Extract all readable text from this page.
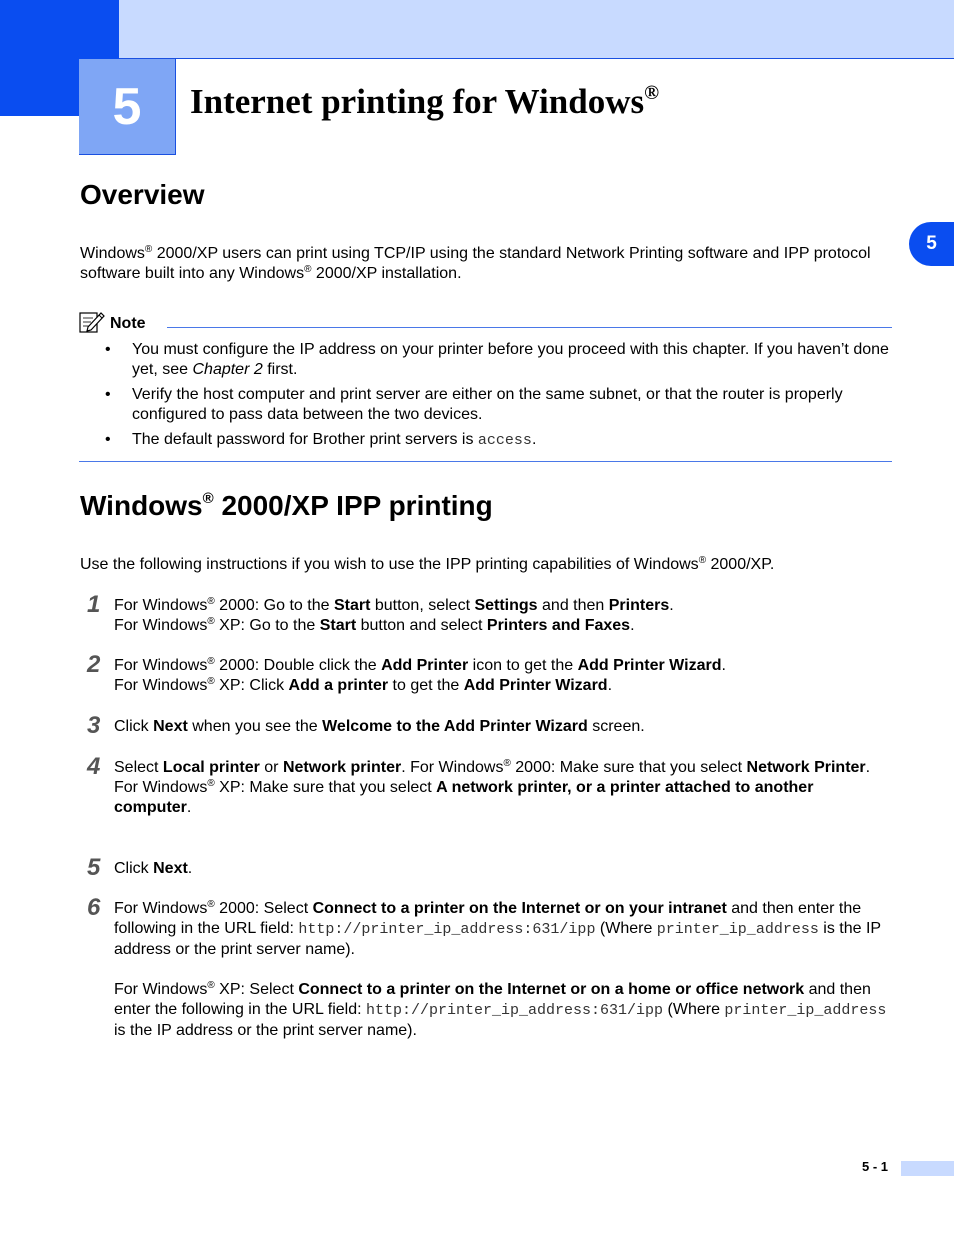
5 Internet printing for Windows®
5
Overview

Windows® 2000/XP users can print using TCP/IP using the standard Network Printing software and IPP protocol software built into any Windows® 2000/XP installation.

Note
• You must configure the IP address on your printer before you proceed with this chapter. If you haven’t done yet, see Chapter 2 first.
• Verify the host computer and print server are either on the same subnet, or that the router is properly configured to pass data between the two devices.
• The default password for Brother print servers is access.
Windows® 2000/XP IPP printing

Use the following instructions if you wish to use the IPP printing capabilities of Windows® 2000/XP.

1 For Windows® 2000: Go to the Start button, select Settings and then Printers.

For Windows® XP: Go to the Start button and select Printers and Faxes.

2 For Windows® 2000: Double click the Add Printer icon to get the Add Printer Wizard.

For Windows® XP: Click Add a printer to get the Add Printer Wizard.

3 Click Next when you see the Welcome to the Add Printer Wizard screen.

4 Select Local printer or Network printer. For Windows® 2000: Make sure that you select Network Printer.

For Windows® XP: Make sure that you select A network printer, or a printer attached to another computer.

5 Click Next.

6 For Windows® 2000: Select Connect to a printer on the Internet or on your intranet and then enter the following in the URL field: http://printer_ip_address:631/ipp (Where printer_ip_address is the IP address or the print server name).

For Windows® XP: Select Connect to a printer on the Internet or on a home or office network and then enter the following in the URL field: http://printer_ip_address:631/ipp (Where printer_ip_address is the IP address or the print server name).

5 - 1
